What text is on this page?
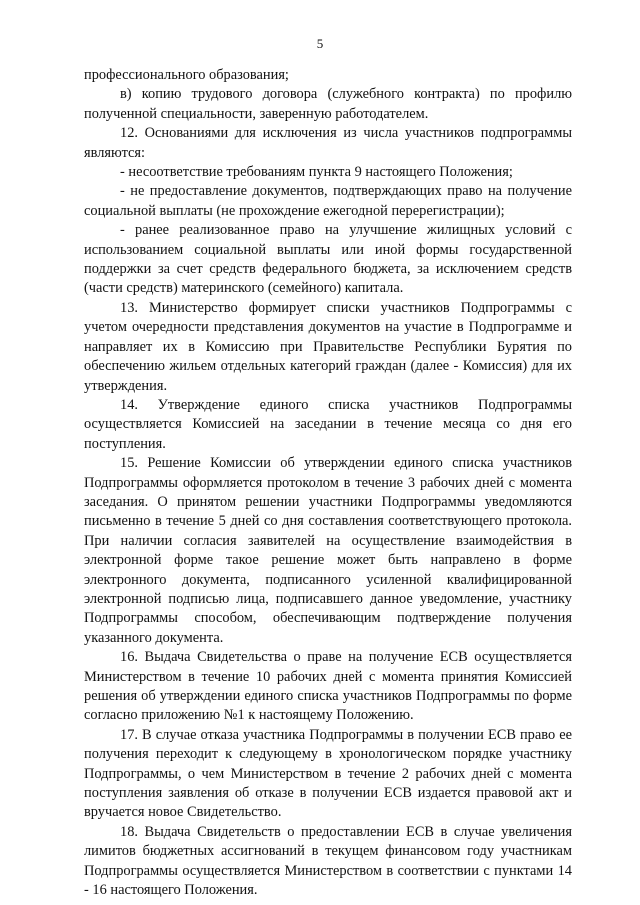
5

профессионального образования;

в) копию трудового договора (служебного контракта) по профилю полученной специальности, заверенную работодателем.

12. Основаниями для исключения из числа участников подпрограммы являются:

- несоответствие требованиям пункта 9 настоящего Положения;

- не предоставление документов, подтверждающих право на получение социальной выплаты (не прохождение ежегодной перерегистрации);

- ранее реализованное право на улучшение жилищных условий с использованием социальной выплаты или иной формы государственной поддержки за счет средств федерального бюджета, за исключением средств (части средств) материнского (семейного) капитала.

13. Министерство формирует списки участников Подпрограммы с учетом очередности представления документов на участие в Подпрограмме и направляет их в Комиссию при Правительстве Республики Бурятия по обеспечению жильем отдельных категорий граждан (далее - Комиссия) для их утверждения.

14. Утверждение единого списка участников Подпрограммы осуществляется Комиссией на заседании в течение месяца со дня его поступления.

15. Решение Комиссии об утверждении единого списка участников Подпрограммы оформляется протоколом в течение 3 рабочих дней с момента заседания. О принятом решении участники Подпрограммы уведомляются письменно в течение 5 дней со дня составления соответствующего протокола. При наличии согласия заявителей на осуществление взаимодействия в электронной форме такое решение может быть направлено в форме электронного документа, подписанного усиленной квалифицированной электронной подписью лица, подписавшего данное уведомление, участнику Подпрограммы способом, обеспечивающим подтверждение получения указанного документа.

16. Выдача Свидетельства о праве на получение ЕСВ осуществляется Министерством в течение 10 рабочих дней с момента принятия Комиссией решения об утверждении единого списка участников Подпрограммы по форме согласно приложению №1 к настоящему Положению.

17. В случае отказа участника Подпрограммы в получении ЕСВ право ее получения переходит к следующему в хронологическом порядке участнику Подпрограммы, о чем Министерством в течение 2 рабочих дней с момента поступления заявления об отказе в получении ЕСВ издается правовой акт и вручается новое Свидетельство.

18. Выдача Свидетельств о предоставлении ЕСВ в случае увеличения лимитов бюджетных ассигнований в текущем финансовом году участникам Подпрограммы осуществляется Министерством в соответствии с пунктами 14 - 16 настоящего Положения.
